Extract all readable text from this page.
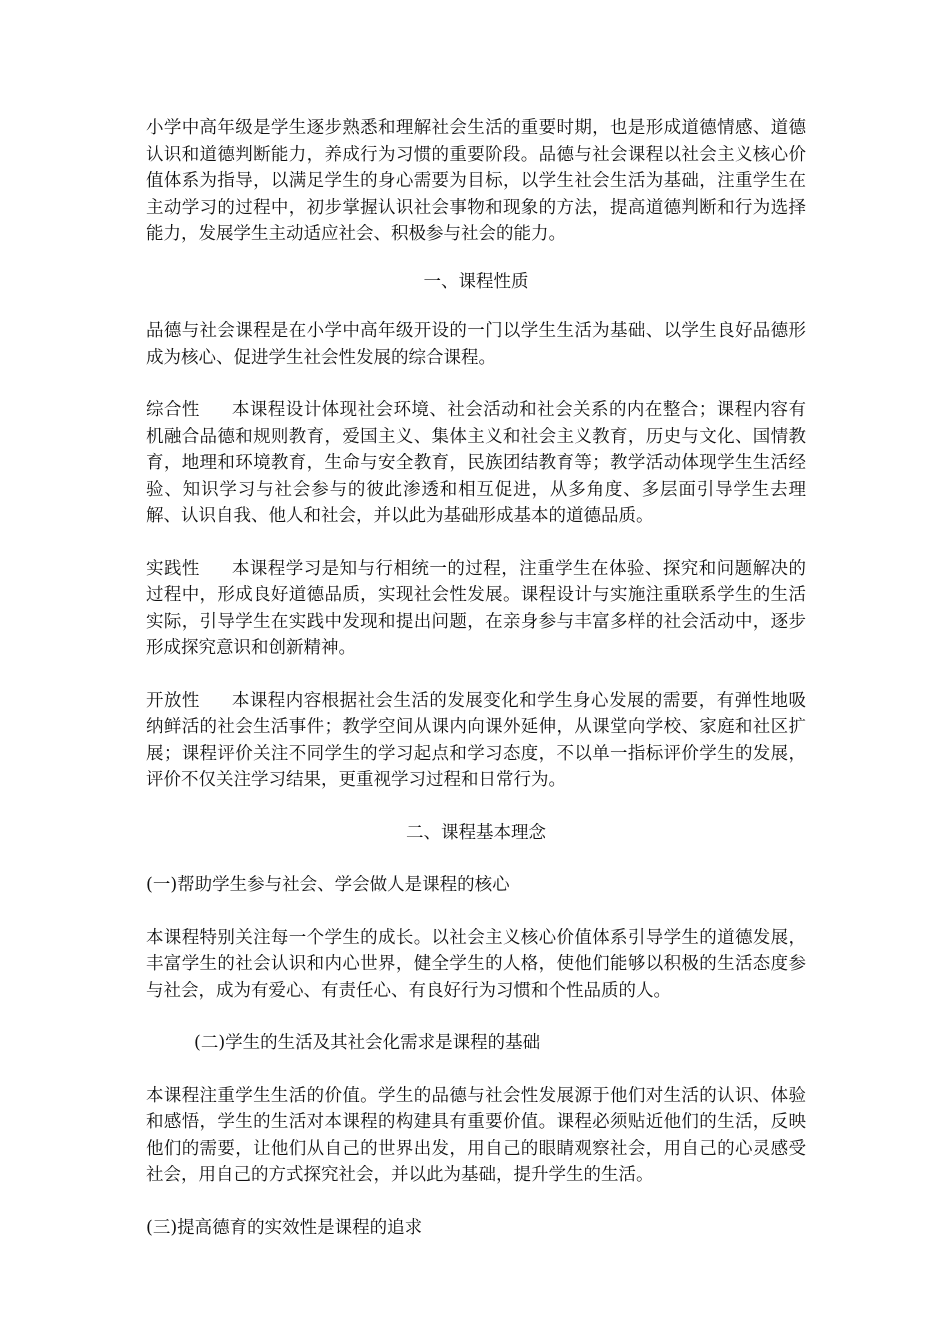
小学中高年级是学生逐步熟悉和理解社会生活的重要时期，也是形成道德情感、道德认识和道德判断能力，养成行为习惯的重要阶段。品德与社会课程以社会主义核心价值体系为指导，以满足学生的身心需要为目标，以学生社会生活为基础，注重学生在主动学习的过程中，初步掌握认识社会事物和现象的方法，提高道德判断和行为选择能力，发展学生主动适应社会、积极参与社会的能力。

一、课程性质

品德与社会课程是在小学中高年级开设的一门以学生生活为基础、以学生良好品德形成为核心、促进学生社会性发展的综合课程。

综合性 本课程设计体现社会环境、社会活动和社会关系的内在整合；课程内容有机融合品德和规则教育，爱国主义、集体主义和社会主义教育，历史与文化、国情教育，地理和环境教育，生命与安全教育，民族团结教育等；教学活动体现学生生活经验、知识学习与社会参与的彼此渗透和相互促进，从多角度、多层面引导学生去理解、认识自我、他人和社会，并以此为基础形成基本的道德品质。

实践性 本课程学习是知与行相统一的过程，注重学生在体验、探究和问题解决的过程中，形成良好道德品质，实现社会性发展。课程设计与实施注重联系学生的生活实际，引导学生在实践中发现和提出问题，在亲身参与丰富多样的社会活动中，逐步形成探究意识和创新精神。

开放性 本课程内容根据社会生活的发展变化和学生身心发展的需要，有弹性地吸纳鲜活的社会生活事件；教学空间从课内向课外延伸，从课堂向学校、家庭和社区扩展；课程评价关注不同学生的学习起点和学习态度，不以单一指标评价学生的发展，评价不仅关注学习结果，更重视学习过程和日常行为。

二、课程基本理念

(一)帮助学生参与社会、学会做人是课程的核心

本课程特别关注每一个学生的成长。以社会主义核心价值体系引导学生的道德发展，丰富学生的社会认识和内心世界，健全学生的人格，使他们能够以积极的生活态度参与社会，成为有爱心、有责任心、有良好行为习惯和个性品质的人。

(二)学生的生活及其社会化需求是课程的基础

本课程注重学生生活的价值。学生的品德与社会性发展源于他们对生活的认识、体验和感悟，学生的生活对本课程的构建具有重要价值。课程必须贴近他们的生活，反映他们的需要，让他们从自己的世界出发，用自己的眼睛观察社会，用自己的心灵感受社会，用自己的方式探究社会，并以此为基础，提升学生的生活。

(三)提高德育的实效性是课程的追求
